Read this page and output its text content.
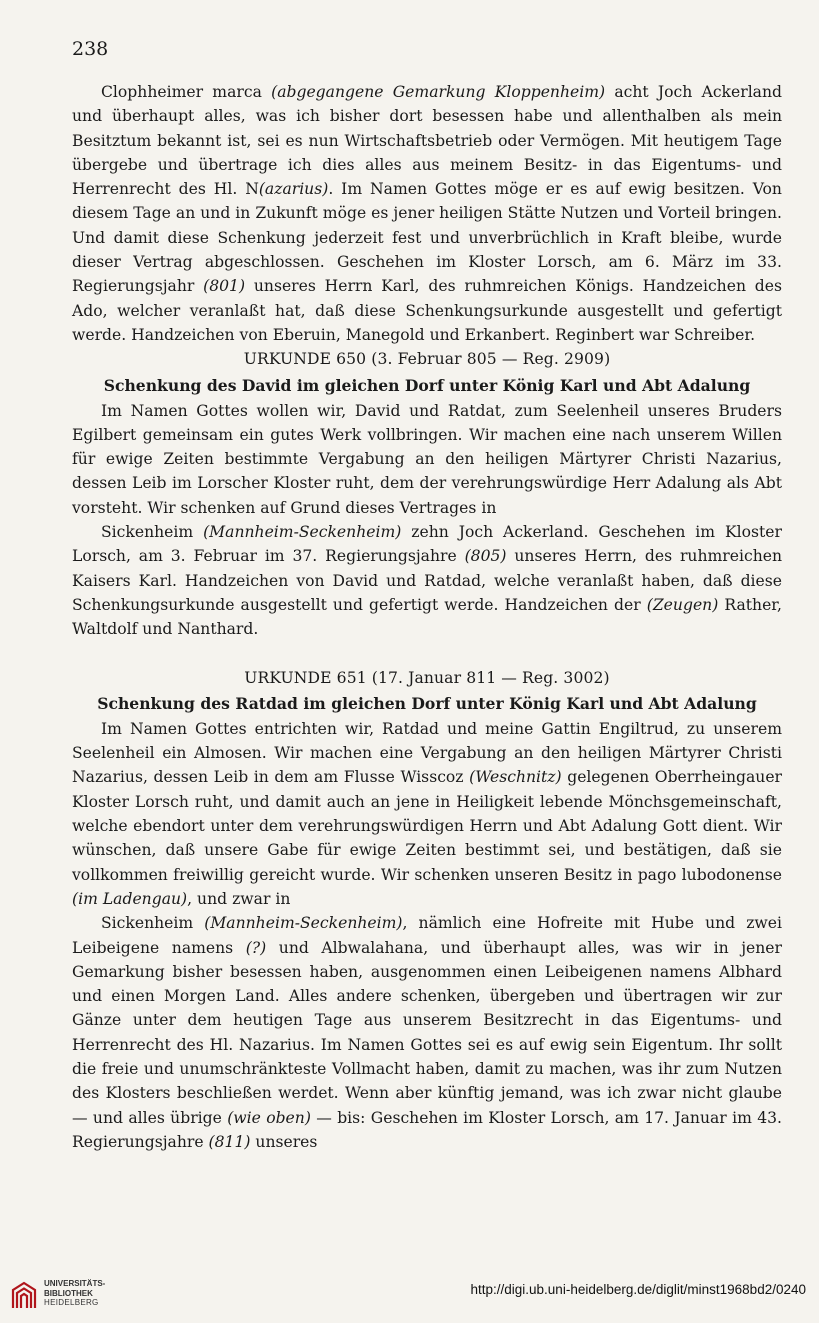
238

Clophheimer marca (abgegangene Gemarkung Kloppenheim) acht Joch Ackerland und überhaupt alles, was ich bisher dort besessen habe und allenthalben als mein Besitztum bekannt ist, sei es nun Wirtschaftsbetrieb oder Vermögen. Mit heutigem Tage übergebe und übertrage ich dies alles aus meinem Besitz- in das Eigentums- und Herrenrecht des Hl. N(azarius). Im Namen Gottes möge er es auf ewig besitzen. Von diesem Tage an und in Zukunft möge es jener heiligen Stätte Nutzen und Vorteil bringen. Und damit diese Schenkung jederzeit fest und unverbrüchlich in Kraft bleibe, wurde dieser Vertrag abgeschlossen. Geschehen im Kloster Lorsch, am 6. März im 33. Regierungsjahr (801) unseres Herrn Karl, des ruhmreichen Königs. Handzeichen des Ado, welcher veranlaßt hat, daß diese Schenkungsurkunde ausgestellt und gefertigt werde. Handzeichen von Eberuin, Manegold und Erkanbert. Reginbert war Schreiber.

URKUNDE 650 (3. Februar 805 — Reg. 2909)

Schenkung des David im gleichen Dorf unter König Karl und Abt Adalung

Im Namen Gottes wollen wir, David und Ratdat, zum Seelenheil unseres Bruders Egilbert gemeinsam ein gutes Werk vollbringen. Wir machen eine nach unserem Willen für ewige Zeiten bestimmte Vergabung an den heiligen Märtyrer Christi Nazarius, dessen Leib im Lorscher Kloster ruht, dem der verehrungswürdige Herr Adalung als Abt vorsteht. Wir schenken auf Grund dieses Vertrages in

Sickenheim (Mannheim-Seckenheim) zehn Joch Ackerland. Geschehen im Kloster Lorsch, am 3. Februar im 37. Regierungsjahre (805) unseres Herrn, des ruhmreichen Kaisers Karl. Handzeichen von David und Ratdad, welche veranlaßt haben, daß diese Schenkungsurkunde ausgestellt und gefertigt werde. Handzeichen der (Zeugen) Rather, Waltdolf und Nanthard.

URKUNDE 651 (17. Januar 811 — Reg. 3002)

Schenkung des Ratdad im gleichen Dorf unter König Karl und Abt Adalung

Im Namen Gottes entrichten wir, Ratdad und meine Gattin Engiltrud, zu unserem Seelenheil ein Almosen. Wir machen eine Vergabung an den heiligen Märtyrer Christi Nazarius, dessen Leib in dem am Flusse Wisscoz (Weschnitz) gelegenen Oberrheingauer Kloster Lorsch ruht, und damit auch an jene in Heiligkeit lebende Mönchsgemeinschaft, welche ebendort unter dem verehrungswürdigen Herrn und Abt Adalung Gott dient. Wir wünschen, daß unsere Gabe für ewige Zeiten bestimmt sei, und bestätigen, daß sie vollkommen freiwillig gereicht wurde. Wir schenken unseren Besitz in pago lubodonense (im Ladengau), und zwar in

Sickenheim (Mannheim-Seckenheim), nämlich eine Hofreite mit Hube und zwei Leibeigene namens (?) und Albwalahana, und überhaupt alles, was wir in jener Gemarkung bisher besessen haben, ausgenommen einen Leibeigenen namens Albhard und einen Morgen Land. Alles andere schenken, übergeben und übertragen wir zur Gänze unter dem heutigen Tage aus unserem Besitzrecht in das Eigentums- und Herrenrecht des Hl. Nazarius. Im Namen Gottes sei es auf ewig sein Eigentum. Ihr sollt die freie und unumschränkteste Vollmacht haben, damit zu machen, was ihr zum Nutzen des Klosters beschließen werdet. Wenn aber künftig jemand, was ich zwar nicht glaube — und alles übrige (wie oben) — bis: Geschehen im Kloster Lorsch, am 17. Januar im 43. Regierungsjahre (811) unseres

UNIVERSITÄTS-
BIBLIOTHEK
HEIDELBERG
http://digi.ub.uni-heidelberg.de/diglit/minst1968bd2/0240
